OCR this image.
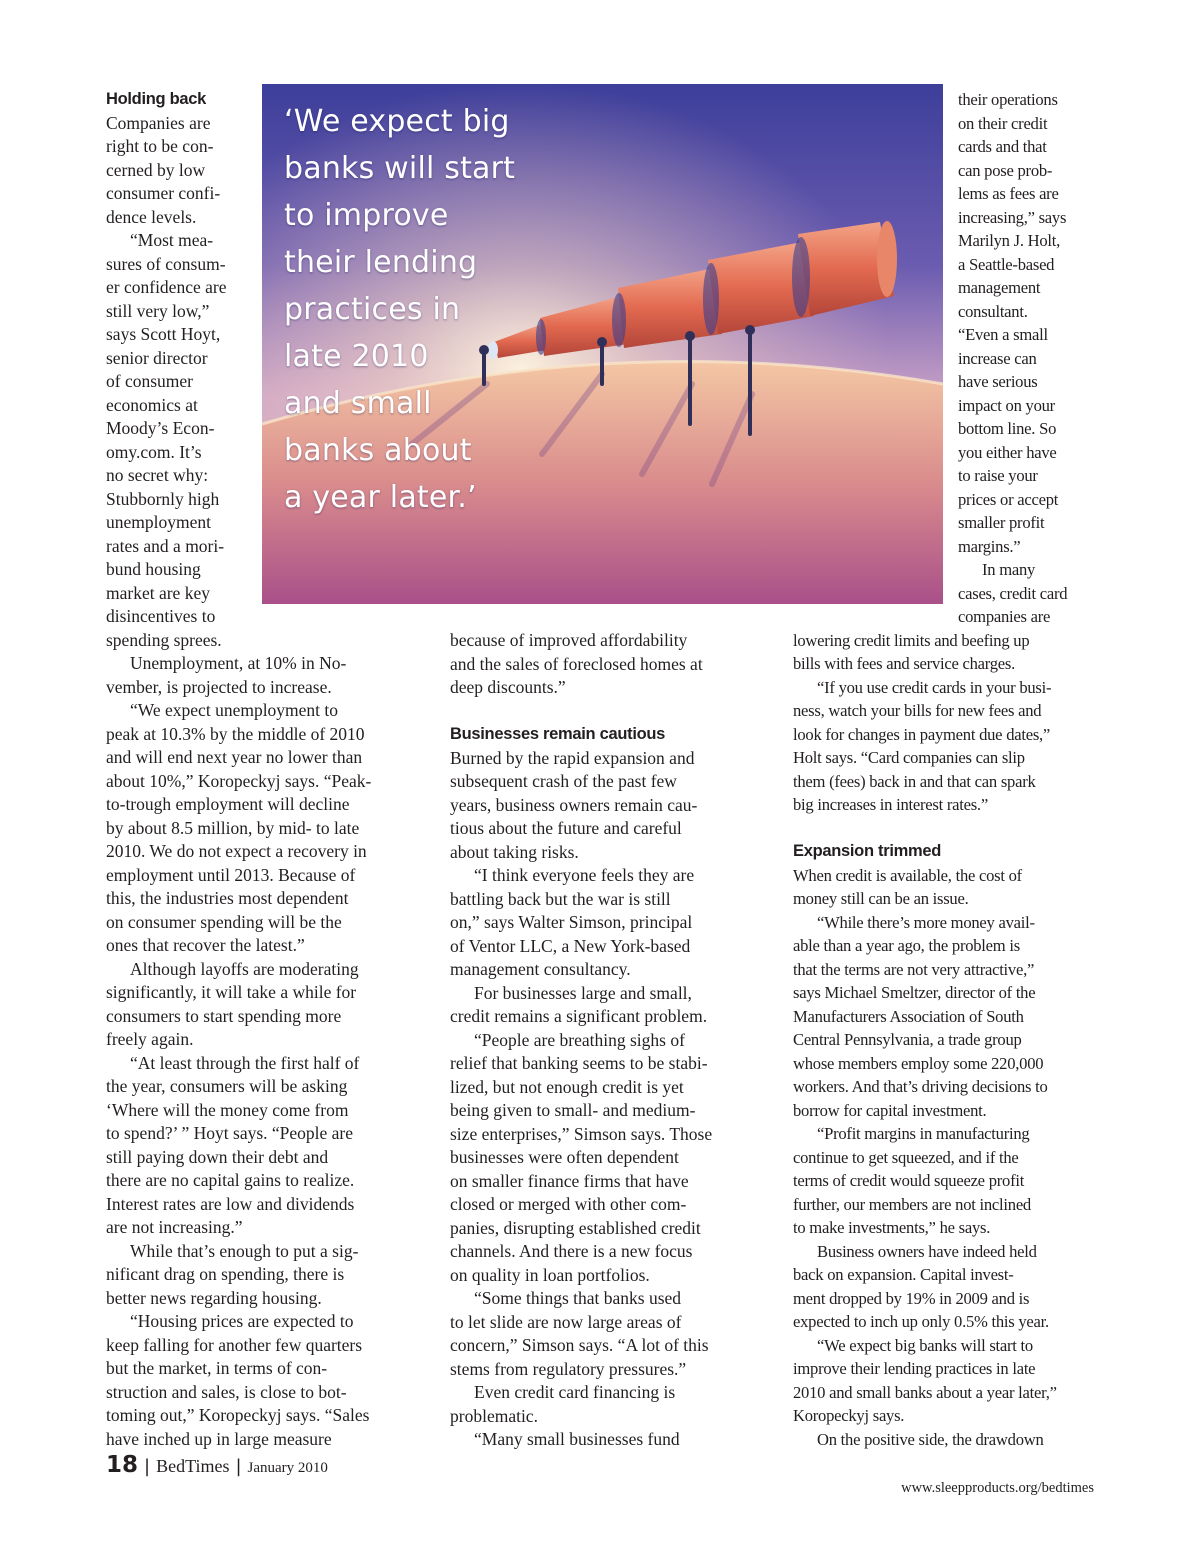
‘We expect big
banks will start
to improve
their lending
practices in
late 2010
and small
banks about
a year later.’
Holding back
Companies are
right to be con-
cerned by low
consumer confi-
dence levels.
“Most mea-
sures of consum-
er confidence are
still very low,”
says Scott Hoyt,
senior director
of consumer
economics at
Moody’s Econ-
omy.com. It’s
no secret why:
Stubbornly high
unemployment
rates and a mori-
bund housing
market are key
disincentives to
spending sprees.
Unemployment, at 10% in No-
vember, is projected to increase.
“We expect unemployment to
peak at 10.3% by the middle of 2010
and will end next year no lower than
about 10%,” Koropeckyj says. “Peak-
to-trough employment will decline
by about 8.5 million, by mid- to late
2010. We do not expect a recovery in
employment until 2013. Because of
this, the industries most dependent
on consumer spending will be the
ones that recover the latest.”
Although layoffs are moderating
significantly, it will take a while for
consumers to start spending more
freely again.
“At least through the first half of
the year, consumers will be asking
‘Where will the money come from
to spend?’ ” Hoyt says. “People are
still paying down their debt and
there are no capital gains to realize.
Interest rates are low and dividends
are not increasing.”
While that’s enough to put a sig-
nificant drag on spending, there is
better news regarding housing.
“Housing prices are expected to
keep falling for another few quarters
but the market, in terms of con-
struction and sales, is close to bot-
toming out,” Koropeckyj says. “Sales
have inched up in large measure
because of improved affordability
and the sales of foreclosed homes at
deep discounts.”
Businesses remain cautious
Burned by the rapid expansion and
subsequent crash of the past few
years, business owners remain cau-
tious about the future and careful
about taking risks.
“I think everyone feels they are
battling back but the war is still
on,” says Walter Simson, principal
of Ventor LLC, a New York-based
management consultancy.
For businesses large and small,
credit remains a significant problem.
“People are breathing sighs of
relief that banking seems to be stabi-
lized, but not enough credit is yet
being given to small- and medium-
size enterprises,” Simson says. Those
businesses were often dependent
on smaller finance firms that have
closed or merged with other com-
panies, disrupting established credit
channels. And there is a new focus
on quality in loan portfolios.
“Some things that banks used
to let slide are now large areas of
concern,” Simson says. “A lot of this
stems from regulatory pressures.”
Even credit card financing is
problematic.
“Many small businesses fund
their operations
on their credit
cards and that
can pose prob-
lems as fees are
increasing,” says
Marilyn J. Holt,
a Seattle-based
management
consultant.
“Even a small
increase can
have serious
impact on your
bottom line. So
you either have
to raise your
prices or accept
smaller profit
margins.”
In many
cases, credit card
companies are
lowering credit limits and beefing up
bills with fees and service charges.
“If you use credit cards in your busi-
ness, watch your bills for new fees and
look for changes in payment due dates,”
Holt says. “Card companies can slip
them (fees) back in and that can spark
big increases in interest rates.”
Expansion trimmed
When credit is available, the cost of
money still can be an issue.
“While there’s more money avail-
able than a year ago, the problem is
that the terms are not very attractive,”
says Michael Smeltzer, director of the
Manufacturers Association of South
Central Pennsylvania, a trade group
whose members employ some 220,000
workers. And that’s driving decisions to
borrow for capital investment.
“Profit margins in manufacturing
continue to get squeezed, and if the
terms of credit would squeeze profit
further, our members are not inclined
to make investments,” he says.
Business owners have indeed held
back on expansion. Capital invest-
ment dropped by 19% in 2009 and is
expected to inch up only 0.5% this year.
“We expect big banks will start to
improve their lending practices in late
2010 and small banks about a year later,”
Koropeckyj says.
On the positive side, the drawdown
18 | BedTimes | January 2010
www.sleepproducts.org/bedtimes
